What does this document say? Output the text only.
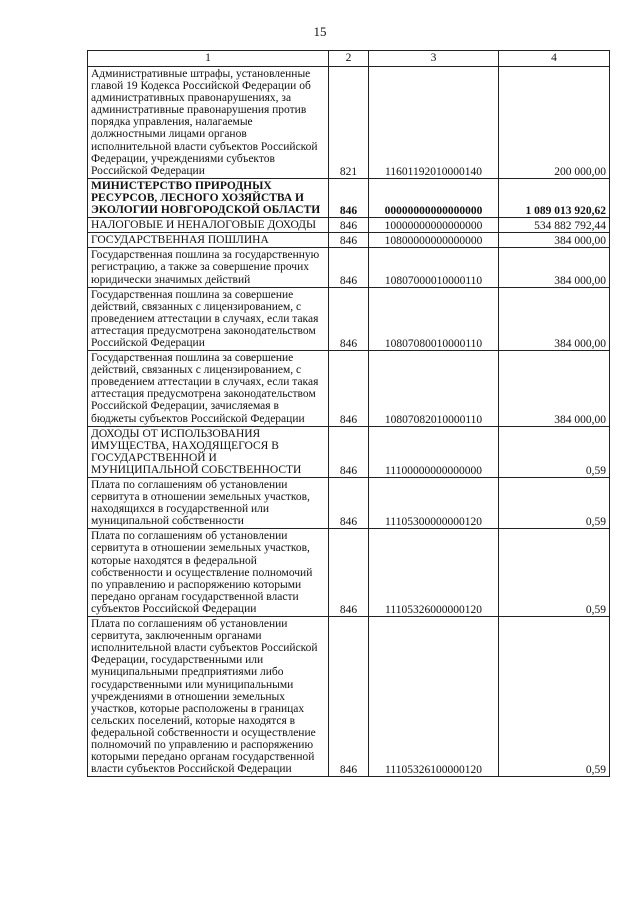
15
1	2	3	4
Административные штрафы, установленные главой 19 Кодекса Российской Федерации об административных правонарушениях, за административные правонарушения против порядка управления, налагаемые должностными лицами органов исполнительной власти субъектов Российской Федерации, учреждениями субъектов Российской Федерации	821	11601192010000140	200 000,00
МИНИСТЕРСТВО ПРИРОДНЫХ РЕСУРСОВ, ЛЕСНОГО ХОЗЯЙСТВА И ЭКОЛОГИИ НОВГОРОДСКОЙ ОБЛАСТИ	846	00000000000000000	1 089 013 920,62
НАЛОГОВЫЕ И НЕНАЛОГОВЫЕ ДОХОДЫ	846	10000000000000000	534 882 792,44
ГОСУДАРСТВЕННАЯ ПОШЛИНА	846	10800000000000000	384 000,00
Государственная пошлина за государственную регистрацию, а также за совершение прочих юридически значимых действий	846	10807000010000110	384 000,00
Государственная пошлина за совершение действий, связанных с лицензированием, с проведением аттестации в случаях, если такая аттестация предусмотрена законодательством Российской Федерации	846	10807080010000110	384 000,00
Государственная пошлина за совершение действий, связанных с лицензированием, с проведением аттестации в случаях, если такая аттестация предусмотрена законодательством Российской Федерации, зачисляемая в бюджеты субъектов Российской Федерации	846	10807082010000110	384 000,00
ДОХОДЫ ОТ ИСПОЛЬЗОВАНИЯ ИМУЩЕСТВА, НАХОДЯЩЕГОСЯ В ГОСУДАРСТВЕННОЙ И МУНИЦИПАЛЬНОЙ СОБСТВЕННОСТИ	846	11100000000000000	0,59
Плата по соглашениям об установлении сервитута в отношении земельных участков, находящихся в государственной или муниципальной собственности	846	11105300000000120	0,59
Плата по соглашениям об установлении сервитута в отношении земельных участков, которые находятся в федеральной собственности и осуществление полномочий по управлению и распоряжению которыми передано органам государственной власти субъектов Российской Федерации	846	11105326000000120	0,59
Плата по соглашениям об установлении сервитута, заключенным органами исполнительной власти субъектов Российской Федерации, государственными или муниципальными предприятиями либо государственными или муниципальными учреждениями в отношении земельных участков, которые расположены в границах сельских поселений, которые находятся в федеральной собственности и осуществление полномочий по управлению и распоряжению которыми передано органам государственной власти субъектов Российской Федерации	846	11105326100000120	0,59
